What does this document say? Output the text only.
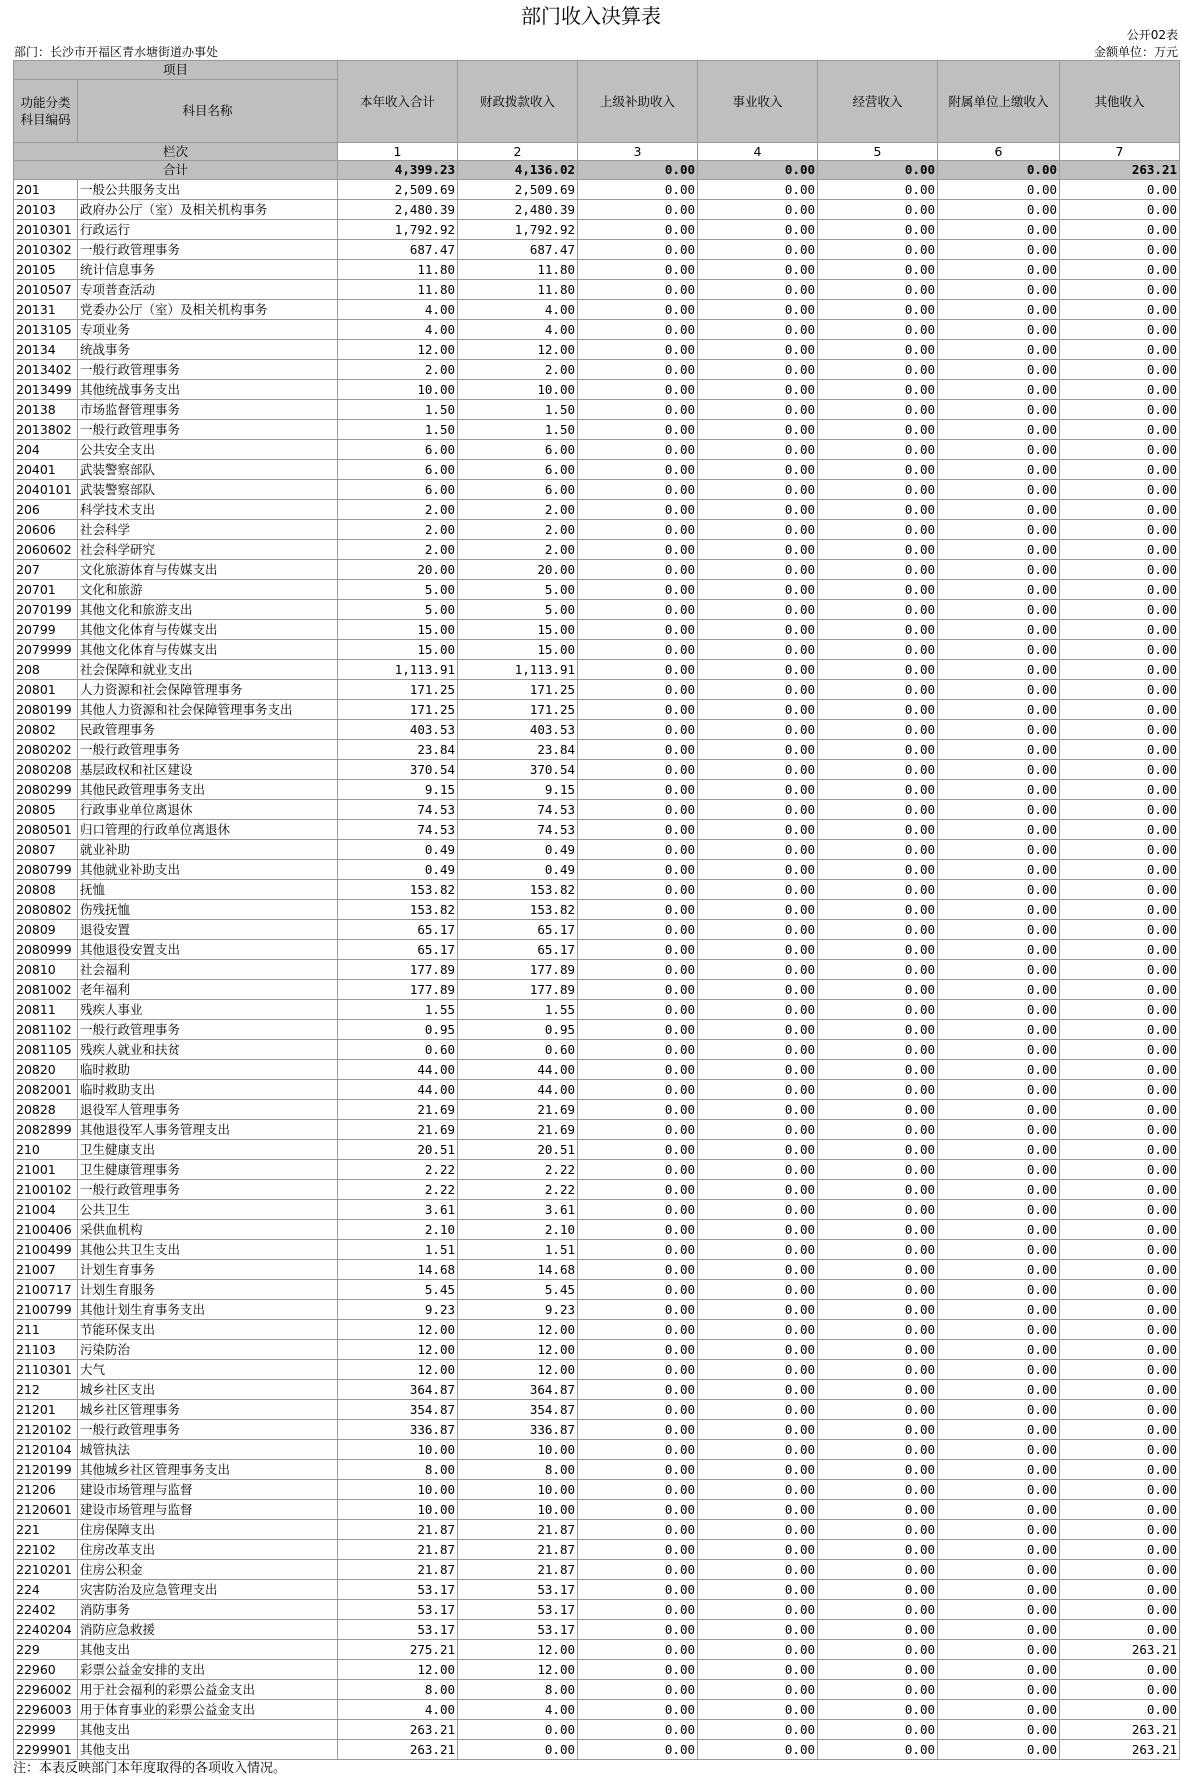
部门收入决算表
公开02表
部门：长沙市开福区青水塘街道办事处	金额单位：万元
项目		本年收入合计	财政拨款收入	上级补助收入	事业收入	经营收入	附属单位上缴收入	其他收入
功能分类科目编码	科目名称							

栏次		1	2	3	4	5	6	7
合计		4,399.23	4,136.02	0.00	0.00	0.00	0.00	263.21
201	一般公共服务支出	2,509.69	2,509.69	0.00	0.00	0.00	0.00	0.00
20103	政府办公厅（室）及相关机构事务	2,480.39	2,480.39	0.00	0.00	0.00	0.00	0.00
2010301	行政运行	1,792.92	1,792.92	0.00	0.00	0.00	0.00	0.00
2010302	一般行政管理事务	687.47	687.47	0.00	0.00	0.00	0.00	0.00
20105	统计信息事务	11.80	11.80	0.00	0.00	0.00	0.00	0.00
2010507	专项普查活动	11.80	11.80	0.00	0.00	0.00	0.00	0.00
20131	党委办公厅（室）及相关机构事务	4.00	4.00	0.00	0.00	0.00	0.00	0.00
2013105	专项业务	4.00	4.00	0.00	0.00	0.00	0.00	0.00
20134	统战事务	12.00	12.00	0.00	0.00	0.00	0.00	0.00
2013402	一般行政管理事务	2.00	2.00	0.00	0.00	0.00	0.00	0.00
2013499	其他统战事务支出	10.00	10.00	0.00	0.00	0.00	0.00	0.00
20138	市场监督管理事务	1.50	1.50	0.00	0.00	0.00	0.00	0.00
2013802	一般行政管理事务	1.50	1.50	0.00	0.00	0.00	0.00	0.00
204	公共安全支出	6.00	6.00	0.00	0.00	0.00	0.00	0.00
20401	武装警察部队	6.00	6.00	0.00	0.00	0.00	0.00	0.00
2040101	武装警察部队	6.00	6.00	0.00	0.00	0.00	0.00	0.00
206	科学技术支出	2.00	2.00	0.00	0.00	0.00	0.00	0.00
20606	社会科学	2.00	2.00	0.00	0.00	0.00	0.00	0.00
2060602	社会科学研究	2.00	2.00	0.00	0.00	0.00	0.00	0.00
207	文化旅游体育与传媒支出	20.00	20.00	0.00	0.00	0.00	0.00	0.00
20701	文化和旅游	5.00	5.00	0.00	0.00	0.00	0.00	0.00
2070199	其他文化和旅游支出	5.00	5.00	0.00	0.00	0.00	0.00	0.00
20799	其他文化体育与传媒支出	15.00	15.00	0.00	0.00	0.00	0.00	0.00
2079999	其他文化体育与传媒支出	15.00	15.00	0.00	0.00	0.00	0.00	0.00
208	社会保障和就业支出	1,113.91	1,113.91	0.00	0.00	0.00	0.00	0.00
20801	人力资源和社会保障管理事务	171.25	171.25	0.00	0.00	0.00	0.00	0.00
2080199	其他人力资源和社会保障管理事务支出	171.25	171.25	0.00	0.00	0.00	0.00	0.00
20802	民政管理事务	403.53	403.53	0.00	0.00	0.00	0.00	0.00
2080202	一般行政管理事务	23.84	23.84	0.00	0.00	0.00	0.00	0.00
2080208	基层政权和社区建设	370.54	370.54	0.00	0.00	0.00	0.00	0.00
2080299	其他民政管理事务支出	9.15	9.15	0.00	0.00	0.00	0.00	0.00
20805	行政事业单位离退休	74.53	74.53	0.00	0.00	0.00	0.00	0.00
2080501	归口管理的行政单位离退休	74.53	74.53	0.00	0.00	0.00	0.00	0.00
20807	就业补助	0.49	0.49	0.00	0.00	0.00	0.00	0.00
2080799	其他就业补助支出	0.49	0.49	0.00	0.00	0.00	0.00	0.00
20808	抚恤	153.82	153.82	0.00	0.00	0.00	0.00	0.00
2080802	伤残抚恤	153.82	153.82	0.00	0.00	0.00	0.00	0.00
20809	退役安置	65.17	65.17	0.00	0.00	0.00	0.00	0.00
2080999	其他退役安置支出	65.17	65.17	0.00	0.00	0.00	0.00	0.00
20810	社会福利	177.89	177.89	0.00	0.00	0.00	0.00	0.00
2081002	老年福利	177.89	177.89	0.00	0.00	0.00	0.00	0.00
20811	残疾人事业	1.55	1.55	0.00	0.00	0.00	0.00	0.00
2081102	一般行政管理事务	0.95	0.95	0.00	0.00	0.00	0.00	0.00
2081105	残疾人就业和扶贫	0.60	0.60	0.00	0.00	0.00	0.00	0.00
20820	临时救助	44.00	44.00	0.00	0.00	0.00	0.00	0.00
2082001	临时救助支出	44.00	44.00	0.00	0.00	0.00	0.00	0.00
20828	退役军人管理事务	21.69	21.69	0.00	0.00	0.00	0.00	0.00
2082899	其他退役军人事务管理支出	21.69	21.69	0.00	0.00	0.00	0.00	0.00
210	卫生健康支出	20.51	20.51	0.00	0.00	0.00	0.00	0.00
21001	卫生健康管理事务	2.22	2.22	0.00	0.00	0.00	0.00	0.00
2100102	一般行政管理事务	2.22	2.22	0.00	0.00	0.00	0.00	0.00
21004	公共卫生	3.61	3.61	0.00	0.00	0.00	0.00	0.00
2100406	采供血机构	2.10	2.10	0.00	0.00	0.00	0.00	0.00
2100499	其他公共卫生支出	1.51	1.51	0.00	0.00	0.00	0.00	0.00
21007	计划生育事务	14.68	14.68	0.00	0.00	0.00	0.00	0.00
2100717	计划生育服务	5.45	5.45	0.00	0.00	0.00	0.00	0.00
2100799	其他计划生育事务支出	9.23	9.23	0.00	0.00	0.00	0.00	0.00
211	节能环保支出	12.00	12.00	0.00	0.00	0.00	0.00	0.00
21103	污染防治	12.00	12.00	0.00	0.00	0.00	0.00	0.00
2110301	大气	12.00	12.00	0.00	0.00	0.00	0.00	0.00
212	城乡社区支出	364.87	364.87	0.00	0.00	0.00	0.00	0.00
21201	城乡社区管理事务	354.87	354.87	0.00	0.00	0.00	0.00	0.00
2120102	一般行政管理事务	336.87	336.87	0.00	0.00	0.00	0.00	0.00
2120104	城管执法	10.00	10.00	0.00	0.00	0.00	0.00	0.00
2120199	其他城乡社区管理事务支出	8.00	8.00	0.00	0.00	0.00	0.00	0.00
21206	建设市场管理与监督	10.00	10.00	0.00	0.00	0.00	0.00	0.00
2120601	建设市场管理与监督	10.00	10.00	0.00	0.00	0.00	0.00	0.00
221	住房保障支出	21.87	21.87	0.00	0.00	0.00	0.00	0.00
22102	住房改革支出	21.87	21.87	0.00	0.00	0.00	0.00	0.00
2210201	住房公积金	21.87	21.87	0.00	0.00	0.00	0.00	0.00
224	灾害防治及应急管理支出	53.17	53.17	0.00	0.00	0.00	0.00	0.00
22402	消防事务	53.17	53.17	0.00	0.00	0.00	0.00	0.00
2240204	消防应急救援	53.17	53.17	0.00	0.00	0.00	0.00	0.00
229	其他支出	275.21	12.00	0.00	0.00	0.00	0.00	263.21
22960	彩票公益金安排的支出	12.00	12.00	0.00	0.00	0.00	0.00	0.00
2296002	用于社会福利的彩票公益金支出	8.00	8.00	0.00	0.00	0.00	0.00	0.00
2296003	用于体育事业的彩票公益金支出	4.00	4.00	0.00	0.00	0.00	0.00	0.00
22999	其他支出	263.21	0.00	0.00	0.00	0.00	0.00	263.21
2299901	其他支出	263.21	0.00	0.00	0.00	0.00	0.00	263.21
注：本表反映部门本年度取得的各项收入情况。
